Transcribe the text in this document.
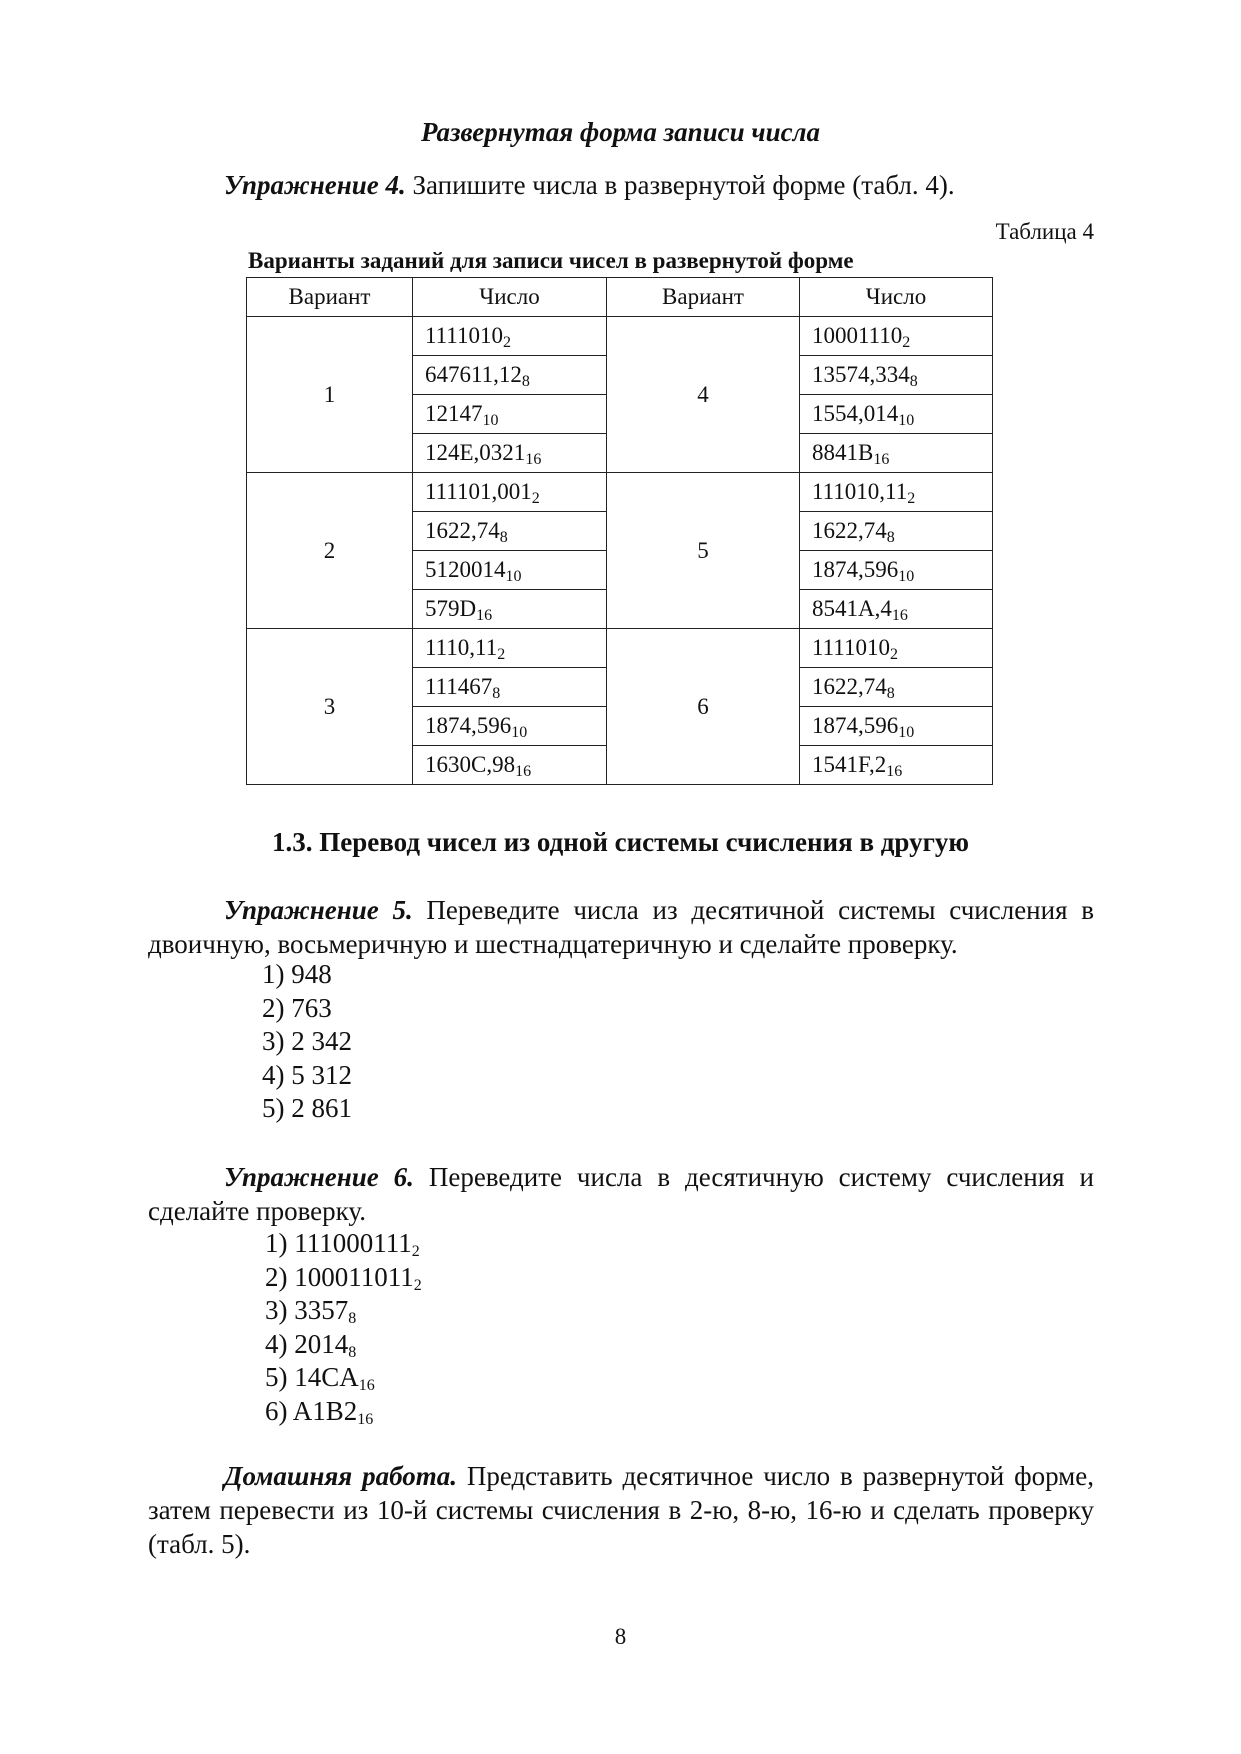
Развернутая форма записи числа
Упражнение 4. Запишите числа в развернутой форме (табл. 4).
Таблица 4
Варианты заданий для записи чисел в развернутой форме
Вариант	Число	Вариант	Число
1	$1111010_2$	4	$10001110_2$
	$647611,12_8$		$13574,334_8$
	$12147_{10}$		$1554,014_{10}$
	$124E,0321_{16}$		$8841B_{16}$
2	$111101,001_2$	5	$111010,11_2$
	$1622,74_8$		$1622,74_8$
	$5120014_{10}$		$1874,596_{10}$
	$579D_{16}$		$8541A,4_{16}$
3	$1110,11_2$	6	$1111010_2$
	$111467_8$		$1622,74_8$
	$1874,596_{10}$		$1874,596_{10}$
	$1630C,98_{16}$		$1541F,2_{16}$
1.3. Перевод чисел из одной системы счисления в другую
Упражнение 5. Переведите числа из десятичной системы счисления в двоичную, восьмеричную и шестнадцатеричную и сделайте проверку.
1) 948
2) 763
3) 2 342
4) 5 312
5) 2 861
Упражнение 6. Переведите числа в десятичную систему счисления и сделайте проверку.
1) $111000111_2$
2) $100011011_2$
3) $3357_8$
4) $2014_8$
5) $14CA_{16}$
6) $A1B2_{16}$
Домашняя работа. Представить десятичное число в развернутой форме, затем перевести из 10-й системы счисления в 2-ю, 8-ю, 16-ю и сделать проверку (табл. 5).
8
